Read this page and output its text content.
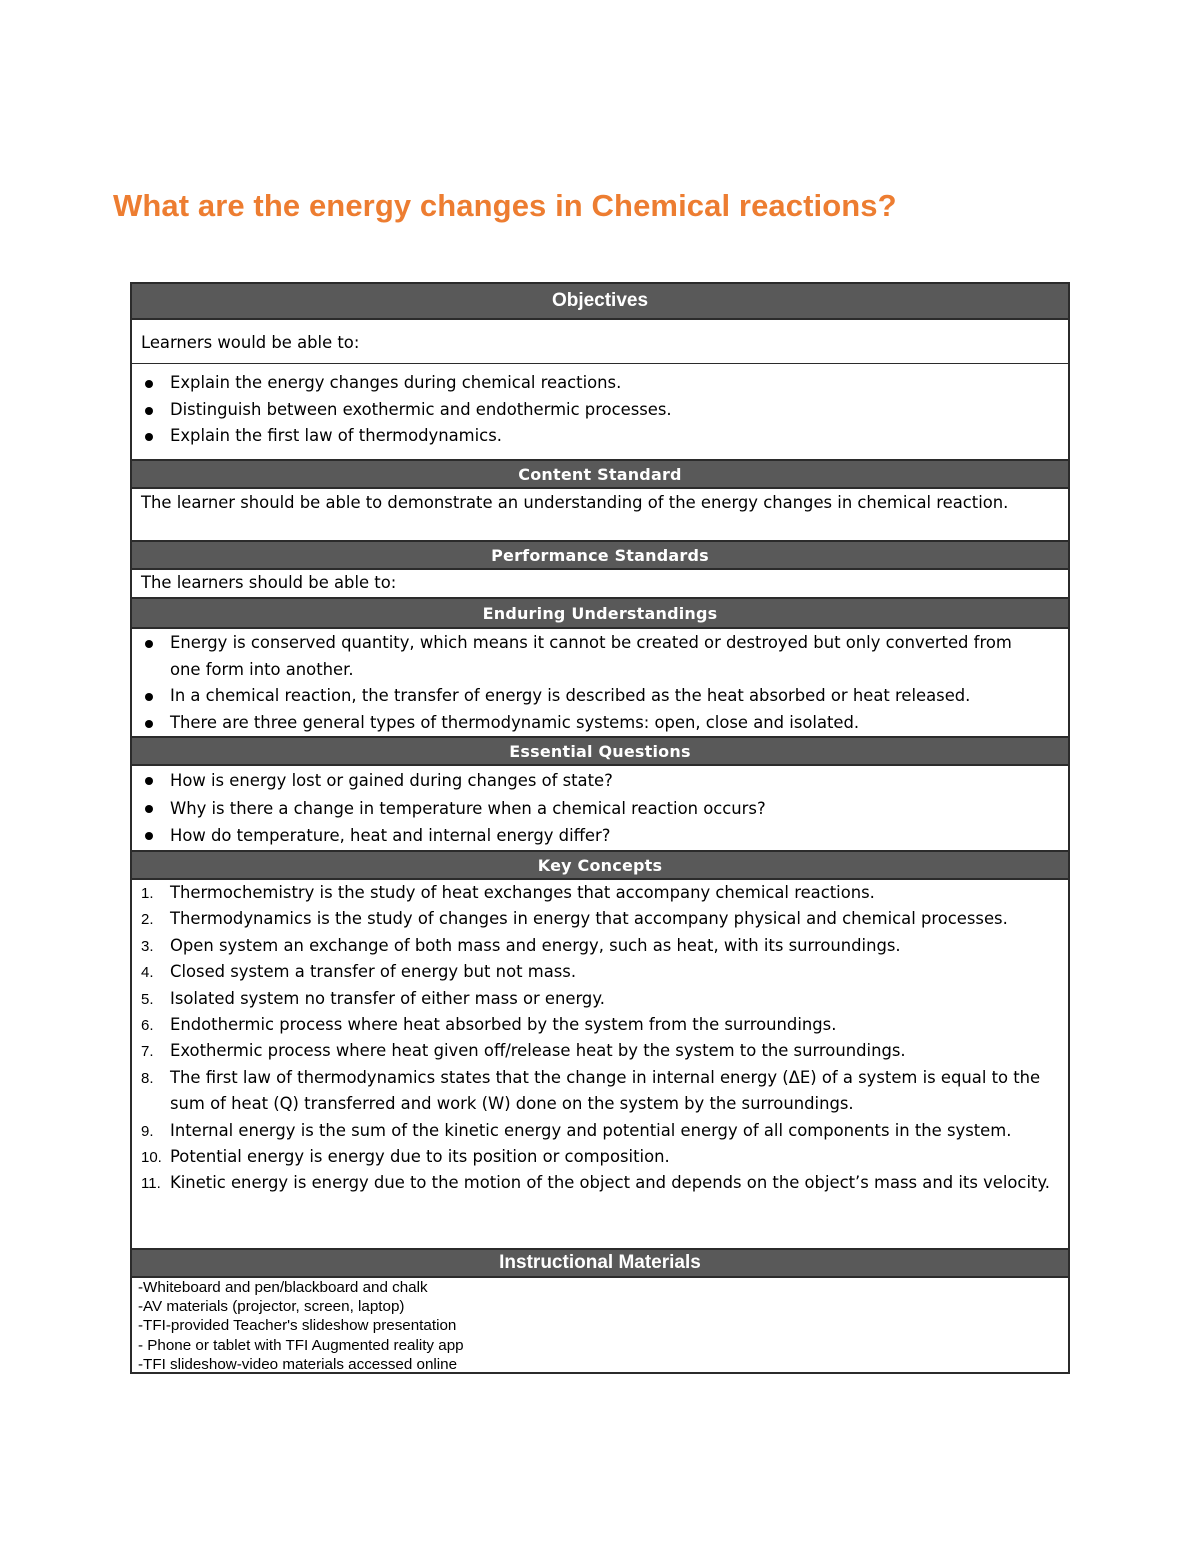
What are the energy changes in Chemical reactions?
Objectives
Learners would be able to:
Explain the energy changes during chemical reactions.
Distinguish between exothermic and endothermic processes.
Explain the first law of thermodynamics.
Content Standard
The learner should be able to demonstrate an understanding of the energy changes in chemical reaction.
Performance Standards
The learners should be able to:
Enduring Understandings
Energy is conserved quantity, which means it cannot be created or destroyed but only converted from one form into another.
In a chemical reaction, the transfer of energy is described as the heat absorbed or heat released.
There are three general types of thermodynamic systems: open, close and isolated.
Essential Questions
How is energy lost or gained during changes of state?
Why is there a change in temperature when a chemical reaction occurs?
How do temperature, heat and internal energy differ?
Key Concepts
1. Thermochemistry is the study of heat exchanges that accompany chemical reactions.
2. Thermodynamics is the study of changes in energy that accompany physical and chemical processes.
3. Open system an exchange of both mass and energy, such as heat, with its surroundings.
4. Closed system a transfer of energy but not mass.
5. Isolated system no transfer of either mass or energy.
6. Endothermic process where heat absorbed by the system from the surroundings.
7. Exothermic process where heat given off/release heat by the system to the surroundings.
8. The first law of thermodynamics states that the change in internal energy (ΔE) of a system is equal to the sum of heat (Q) transferred and work (W) done on the system by the surroundings.
9. Internal energy is the sum of the kinetic energy and potential energy of all components in the system.
10. Potential energy is energy due to its position or composition.
11. Kinetic energy is energy due to the motion of the object and depends on the object’s mass and its velocity.
Instructional Materials
-Whiteboard and pen/blackboard and chalk
-AV materials (projector, screen, laptop)
-TFI-provided Teacher's slideshow presentation
- Phone or tablet with TFI Augmented reality app
-TFI slideshow-video materials accessed online
